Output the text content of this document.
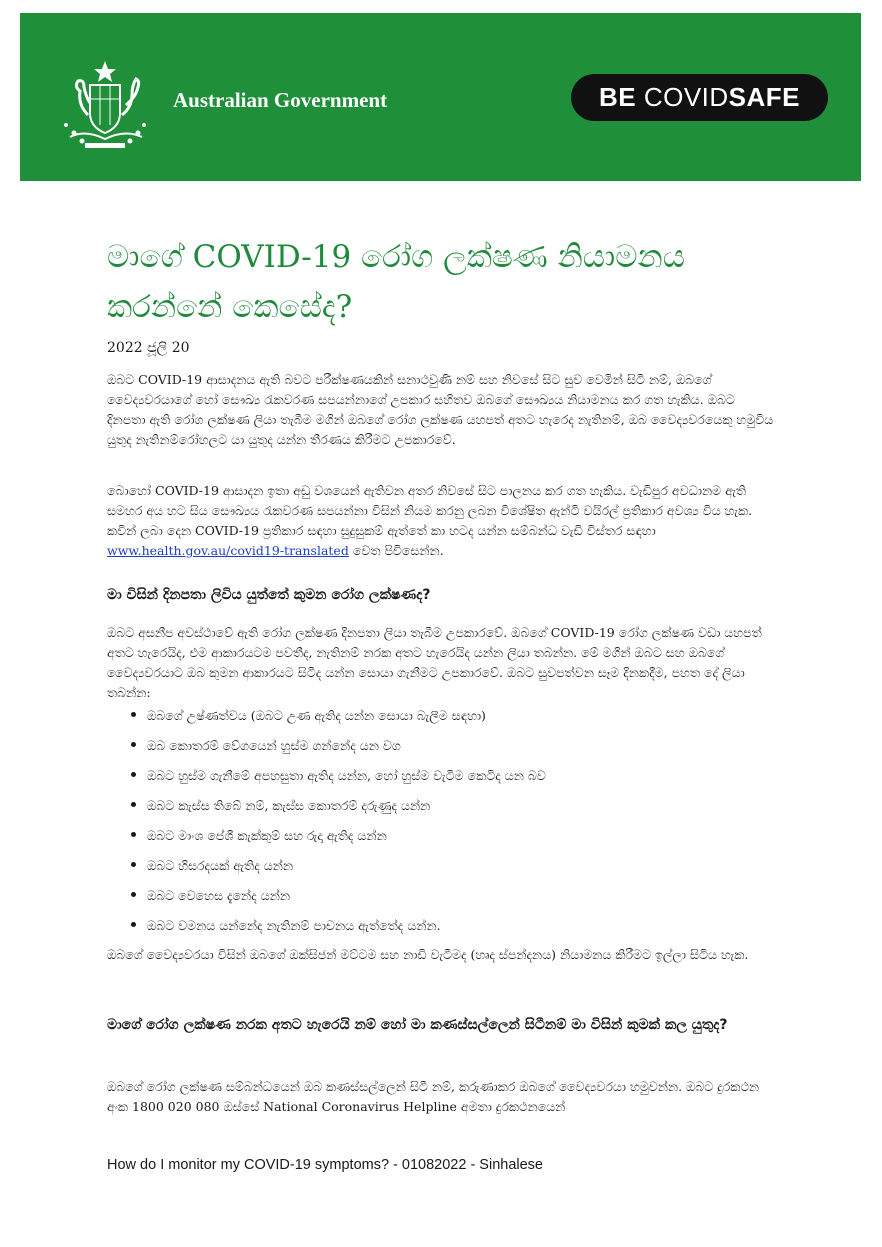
Australian Government	BE COVIDSAFE
මාගේ COVID-19 රෝග ලක්ෂණ නියාමනය කරන්නේ කෙසේද?
2022 ජූලි 20

ඔබට COVID-19 ආසාදනය ඇති බවට පරීක්ෂණයකින් සනාථවුණි නම් සහ නිවසේ සිට සුව වෙමින් සිටී නම්, ඔබගේ වෛද්‍යවරයාගේ හෝ සෞඛ්‍ය රැකවරණ සපයන්නාගේ උපකාර සහිතව ඔබගේ සෞඛ්‍යය නියාමනය කර ගත හැකිය. ඔබට දිනපතා ඇති රෝග ලක්ෂණ ලියා තැබීම මගින් ඔබගේ රෝග ලක්ෂණ යහපත් අතට හැරෙද නැතිනම්, ඔබ වෛද්‍යවරයෙකු හමුවිය යුතුද නැතිනම්රෝහලට යා යුතුද යන්න තීරණය කිරීමට උපකාරවේ.

බොහෝ COVID-19 ආසාදන ඉතා අඩු වශයෙන් ඇතිවන අතර නිවසේ සිට පාලනය කර ගත හැකිය. වැඩිපුර අවධානම ඇති සමහර අය හට සිය සෞඛ්‍යය රැකවරණ සපයන්නා විසින් නියම කරනු ලබන විශේෂිත ඇන්ටි වයිරල් ප්‍රතිකාර අවශ්‍ය විය හැක. කවින් ලබා දෙන COVID-19 ප්‍රතිකාර සඳහා සුදුසුකම් ඇත්තේ කා හටද යන්න සම්බන්ධ වැඩි විස්තර සඳහා www.health.gov.au/covid19-translated වෙත පිවිසෙන්න.

මා විසින් දිනපතා ලිවිය යුත්තේ කුමන රෝග ලක්ෂණද?

ඔබට අසනීප අවස්ථාවේ ඇති රෝග ලක්ෂණ දිනපතා ලියා තැබීම උපකාරවේ. ඔබගේ COVID-19 රෝග ලක්ෂණ වඩා යහපත් අතට හැරෙයිද, එම ආකාරයටම පවතීද, නැතිනම් නරක අතට හැරෙයිද යන්න ලියා තබන්න. මේ මගින් ඔබට සහ ඔබගේ වෛද්‍යවරයාට ඔබ කුමන ආකාරයට සිටීද යන්න සොයා ගැනීමට උපකාරවේ. ඔබට සුවපත්වන සෑම දිනකදීම, පහත දේ ලියා තබන්න:

ඔබගේ උෂ්ණත්වය (ඔබට උණ ඇතිද යන්න සොයා බැලීම සඳහා)
ඔබ කොතරම් වේගයෙන් හුස්ම ගන්නේද යන වග
ඔබට හුස්ම ගැනීමේ අපහසුතා ඇතිද යන්න, හෝ හුස්ම වැටීම කෙටිද යන බව
ඔබට කැස්ස තිබේ නම්, කැස්ස කොතරම් දරුණුද යන්න
ඔබට මාංශ පේශී කැක්කුම් සහ රුදා ඇතිද යන්න
ඔබට හිසරදයක් ඇතිද යන්න
ඔබට වෙහෙස දැනේද යන්න
ඔබට වමනය යන්නේද නැතිනම් පාචනය ඇත්තේද යන්න.

ඔබගේ වෛද්‍යවරයා විසින් ඔබගේ ඔක්සිජන් මට්ටම සහ නාඩි වැටීමද (හෘද ස්පන්දනය) නියාමනය කිරීමට ඉල්ලා සිටිය හැක.

මාගේ රෝග ලක්ෂණ නරක අතට හැරෙයි නම් හෝ මා කණස්සල්ලෙන් සිටීනම් මා විසින් කුමක් කල යුතුද?

ඔබගේ රෝග ලක්ෂණ සම්බන්ධයෙන් ඔබ කණස්සල්ලෙන් සිටී නම්, කරුණාකර ඔබගේ වෛද්‍යවරයා හමුවන්න. ඔබට දුරකථන අංක 1800 020 080 ඔස්සේ National Coronavirus Helpline අමතා දුරකථනයෙන්

How do I monitor my COVID-19 symptoms? - 01082022 - Sinhalese
